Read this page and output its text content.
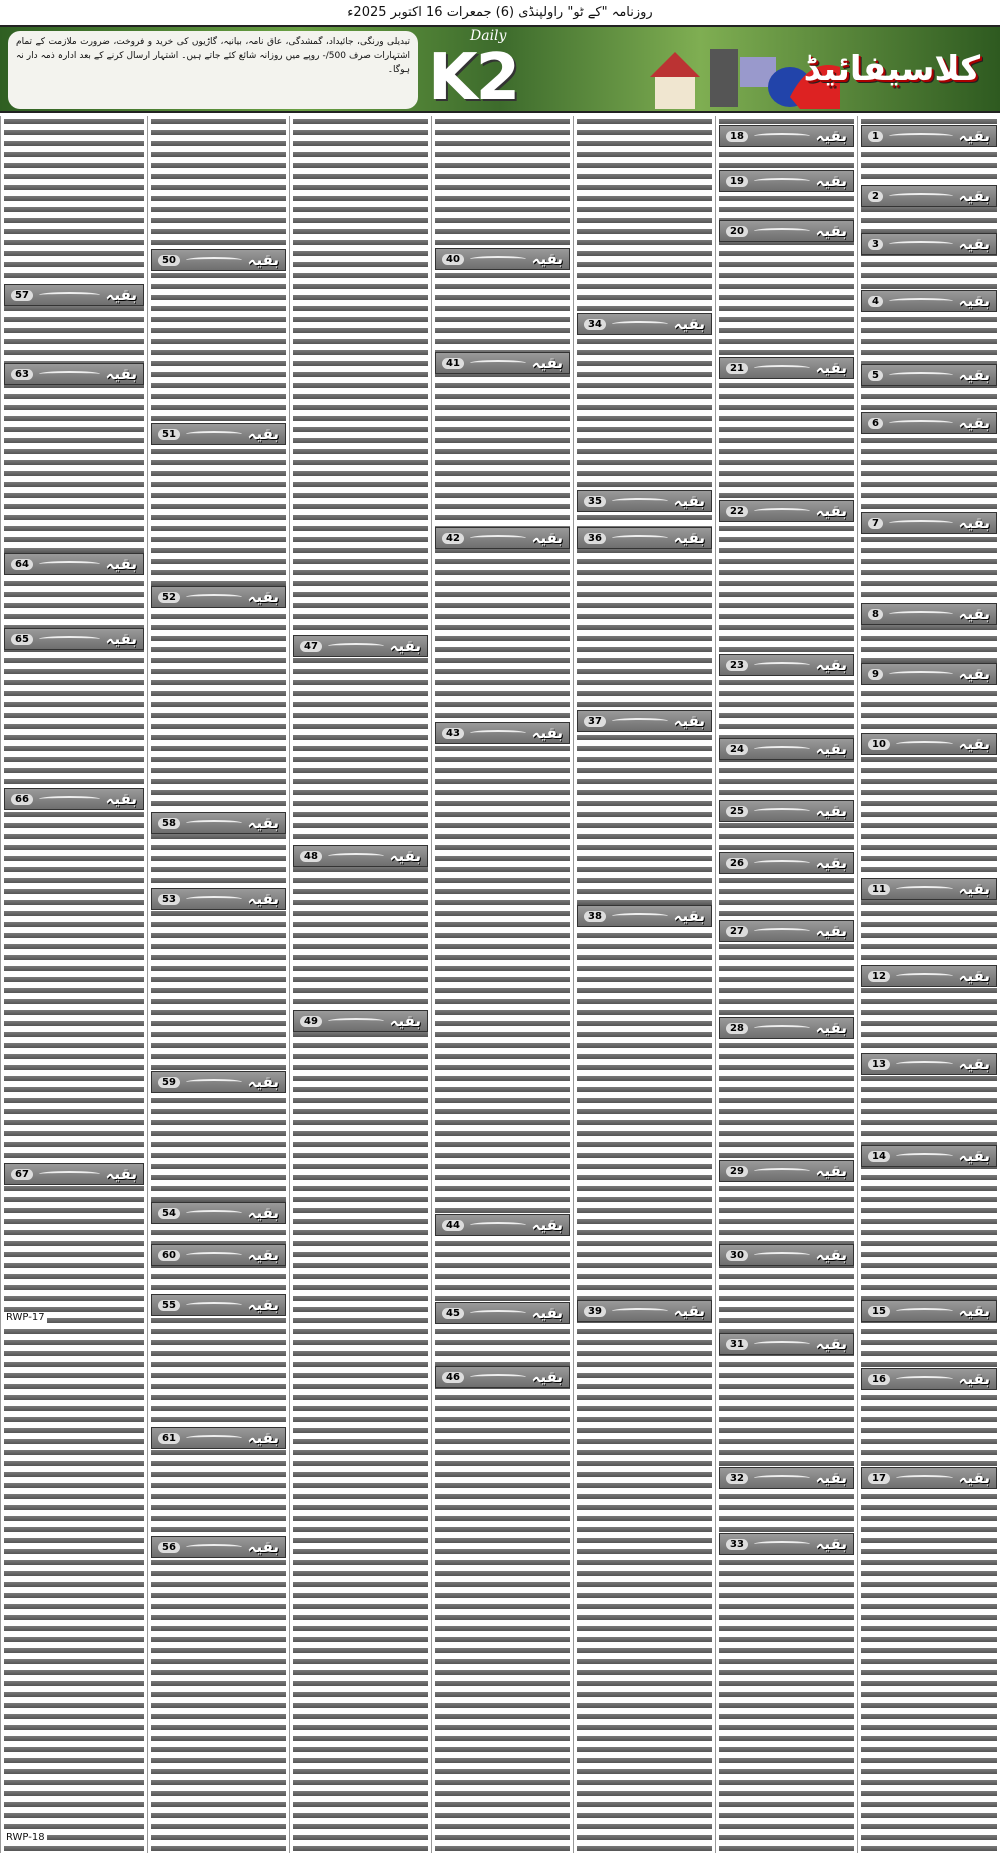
روزنامہ "کے ٹو" راولپنڈی (6) جمعرات 16 اکتوبر 2025ء
تبدیلی ورنگی، جائیداد، گمشدگی، عاق نامہ، بیانیہ، گاڑیوں کی خرید و فروخت، ضرورت ملازمت کے تمام اشتہارات صرف 500/- روپے میں روزانہ شائع کئے جاتے ہیں۔ اشتہار ارسال کرنے کے بعد ادارہ ذمہ دار نہ ہوگا۔
Daily
K2	کلاسیفائیڈ
1	بقیہ
2	بقیہ
3	بقیہ
4	بقیہ
5	بقیہ
6	بقیہ
7	بقیہ
8	بقیہ
9	بقیہ
10	بقیہ
11	بقیہ
12	بقیہ
13	بقیہ
14	بقیہ
15	بقیہ
16	بقیہ
17	بقیہ
18	بقیہ
19	بقیہ
20	بقیہ
21	بقیہ
22	بقیہ
23	بقیہ
24	بقیہ
25	بقیہ
26	بقیہ
27	بقیہ
28	بقیہ
29	بقیہ
30	بقیہ
31	بقیہ
32	بقیہ
33	بقیہ
34	بقیہ
35	بقیہ
36	بقیہ
37	بقیہ
38	بقیہ
39	بقیہ
40	بقیہ
41	بقیہ
42	بقیہ
43	بقیہ
44	بقیہ
45	بقیہ
46	بقیہ
47	بقیہ
48	بقیہ
49	بقیہ
50	بقیہ
51	بقیہ
52	بقیہ
53	بقیہ
54	بقیہ
55	بقیہ
56	بقیہ
58	بقیہ
59	بقیہ
60	بقیہ
61	بقیہ
57	بقیہ
63	بقیہ
64	بقیہ
65	بقیہ
66	بقیہ
67	بقیہ
RWP-17
RWP-18
